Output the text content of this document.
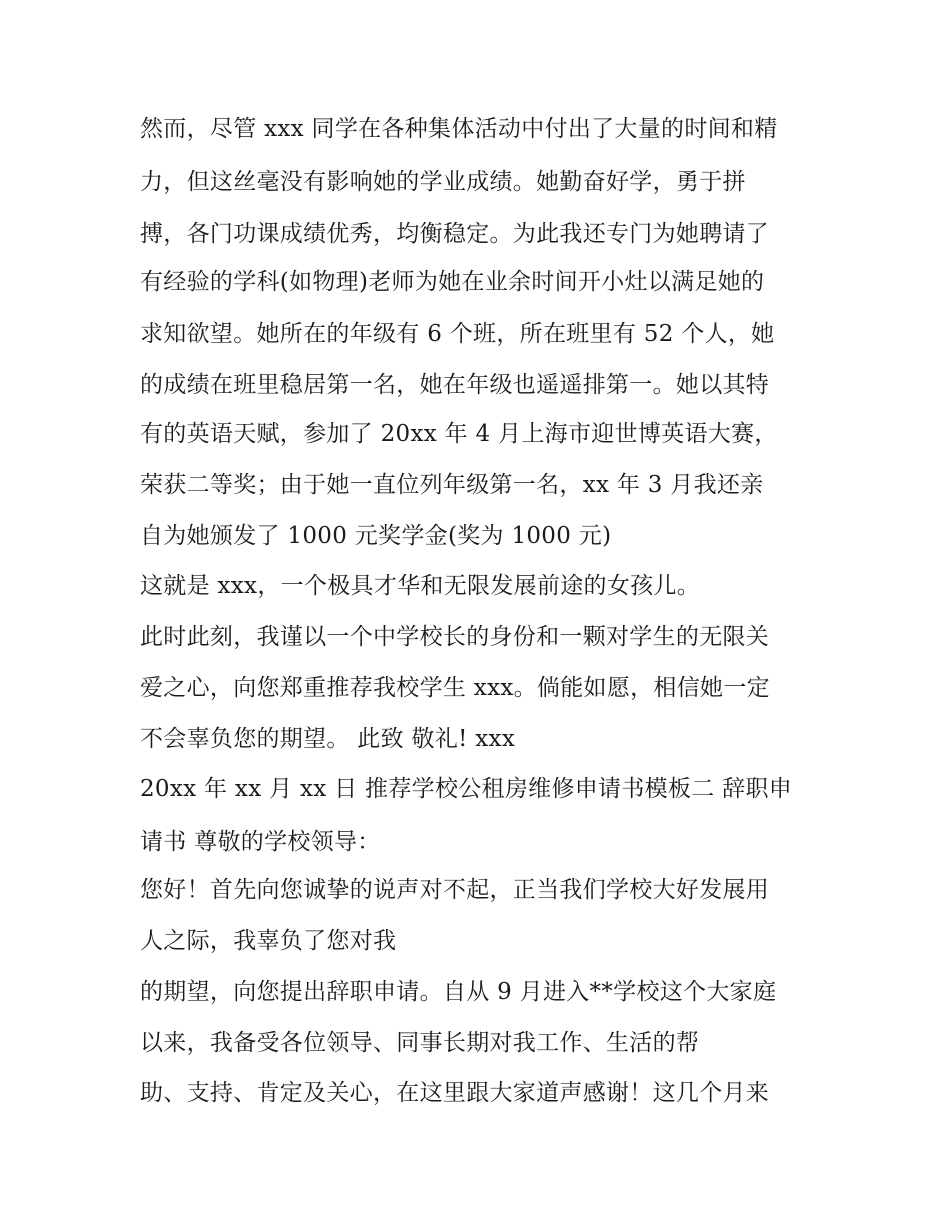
然而，尽管 xxx 同学在各种集体活动中付出了大量的时间和精
力，但这丝毫没有影响她的学业成绩。她勤奋好学，勇于拼
搏，各门功课成绩优秀，均衡稳定。为此我还专门为她聘请了
有经验的学科(如物理)老师为她在业余时间开小灶以满足她的
求知欲望。她所在的年级有 6 个班，所在班里有 52 个人，她
的成绩在班里稳居第一名，她在年级也遥遥排第一。她以其特
有的英语天赋，参加了 20xx 年 4 月上海市迎世博英语大赛，
荣获二等奖；由于她一直位列年级第一名，xx 年 3 月我还亲
自为她颁发了 1000 元奖学金(奖为 1000 元)
这就是 xxx，一个极具才华和无限发展前途的女孩儿。
此时此刻，我谨以一个中学校长的身份和一颗对学生的无限关
爱之心，向您郑重推荐我校学生 xxx。倘能如愿，相信她一定
不会辜负您的期望。 此致 敬礼! xxx
20xx 年 xx 月 xx 日 推荐学校公租房维修申请书模板二 辞职申
请书 尊敬的学校领导：
您好！首先向您诚挚的说声对不起，正当我们学校大好发展用
人之际，我辜负了您对我
的期望，向您提出辞职申请。自从 9 月进入**学校这个大家庭
以来，我备受各位领导、同事长期对我工作、生活的帮
助、支持、肯定及关心，在这里跟大家道声感谢！这几个月来
